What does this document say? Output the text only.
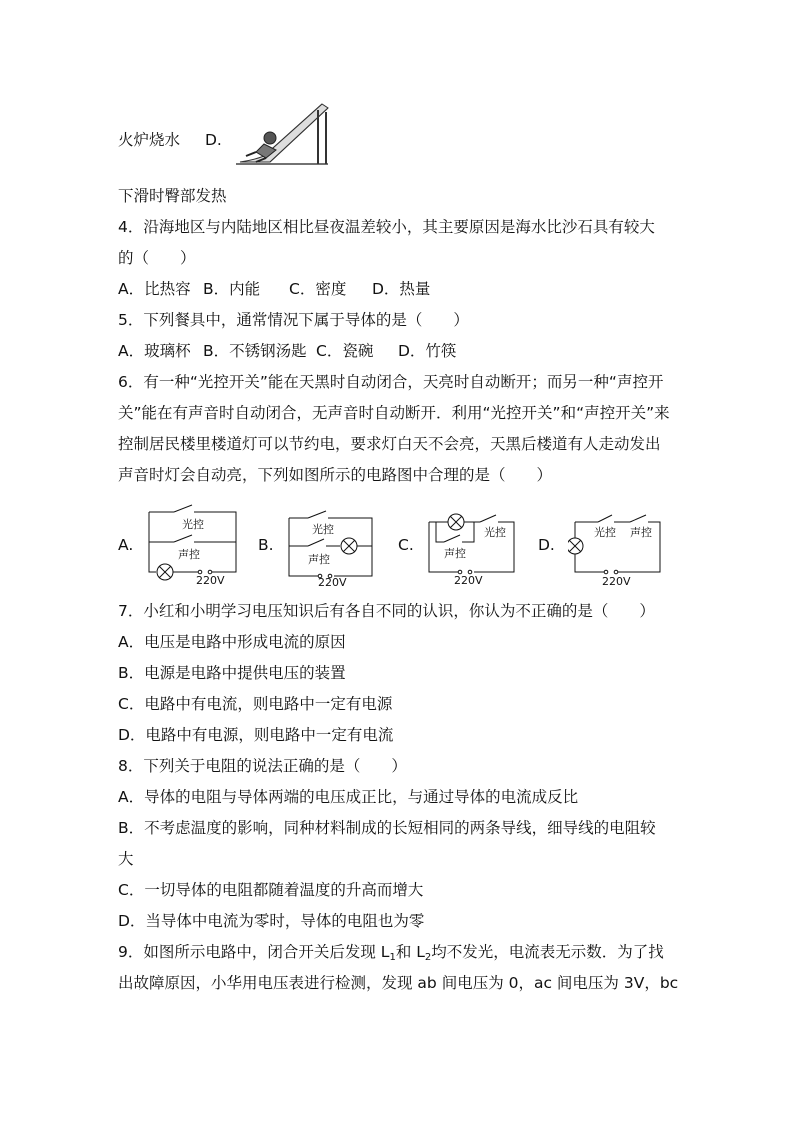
火炉烧水 D.
下滑时臀部发热
4．沿海地区与内陆地区相比昼夜温差较小，其主要原因是海水比沙石具有较大
的（　　）
A．比热容 B．内能 C．密度 D．热量
5．下列餐具中，通常情况下属于导体的是（　　）
A．玻璃杯 B．不锈钢汤匙 C．瓷碗 D．竹筷
6．有一种“光控开关”能在天黑时自动闭合，天亮时自动断开；而另一种“声控开
关”能在有声音时自动闭合，无声音时自动断开．利用“光控开关”和“声控开关”来
控制居民楼里楼道灯可以节约电，要求灯白天不会亮，天黑后楼道有人走动发出
声音时灯会自动亮，下列如图所示的电路图中合理的是（　　）
A.	B.	C.	D.
光控
声控
220V
光控
声控
220V
光控
声控
220V
光控 声控
220V
7．小红和小明学习电压知识后有各自不同的认识，你认为不正确的是（　　）
A．电压是电路中形成电流的原因
B．电源是电路中提供电压的装置
C．电路中有电流，则电路中一定有电源
D．电路中有电源，则电路中一定有电流
8．下列关于电阻的说法正确的是（　　）
A．导体的电阻与导体两端的电压成正比，与通过导体的电流成反比
B．不考虑温度的影响，同种材料制成的长短相同的两条导线，细导线的电阻较
大
C．一切导体的电阻都随着温度的升高而增大
D．当导体中电流为零时，导体的电阻也为零
9．如图所示电路中，闭合开关后发现 $L_1$和 $L_2$均不发光，电流表无示数．为了找
出故障原因，小华用电压表进行检测，发现 ab 间电压为 0，ac 间电压为 3V，bc
